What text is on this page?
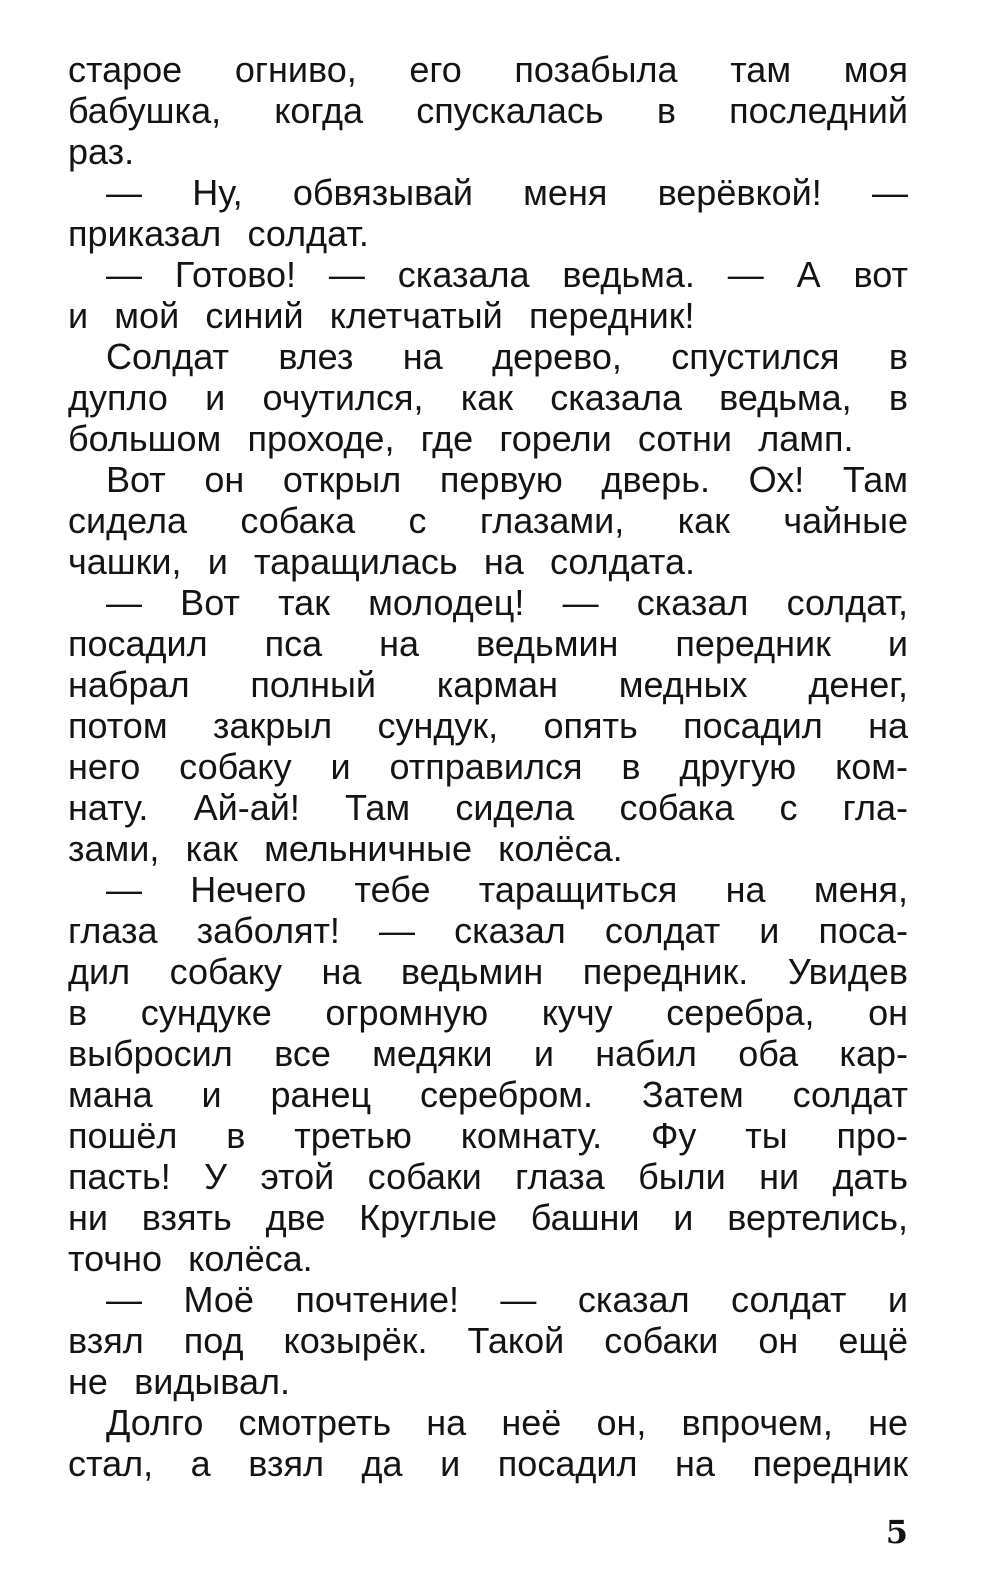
старое огниво, его позабыла там моя
бабушка, когда спускалась в последний
раз.
— Ну, обвязывай меня верёвкой! —
приказал солдат.
— Готово! — сказала ведьма. — А вот
и мой синий клетчатый передник!
Солдат влез на дерево, спустился в
дупло и очутился, как сказала ведьма, в
большом проходе, где горели сотни ламп.
Вот он открыл первую дверь. Ох! Там
сидела собака с глазами, как чайные
чашки, и таращилась на солдата.
— Вот так молодец! — сказал солдат,
посадил пса на ведьмин передник и
набрал полный карман медных денег,
потом закрыл сундук, опять посадил на
него собаку и отправился в другую ком-
нату. Ай-ай! Там сидела собака с гла-
зами, как мельничные колёса.
— Нечего тебе таращиться на меня,
глаза заболят! — сказал солдат и поса-
дил собаку на ведьмин передник. Увидев
в сундуке огромную кучу серебра, он
выбросил все медяки и набил оба кар-
мана и ранец серебром. Затем солдат
пошёл в третью комнату. Фу ты про-
пасть! У этой собаки глаза были ни дать
ни взять две Круглые башни и вертелись,
точно колёса.
— Моё почтение! — сказал солдат и
взял под козырёк. Такой собаки он ещё
не видывал.
Долго смотреть на неё он, впрочем, не
стал, а взял да и посадил на передник
5
